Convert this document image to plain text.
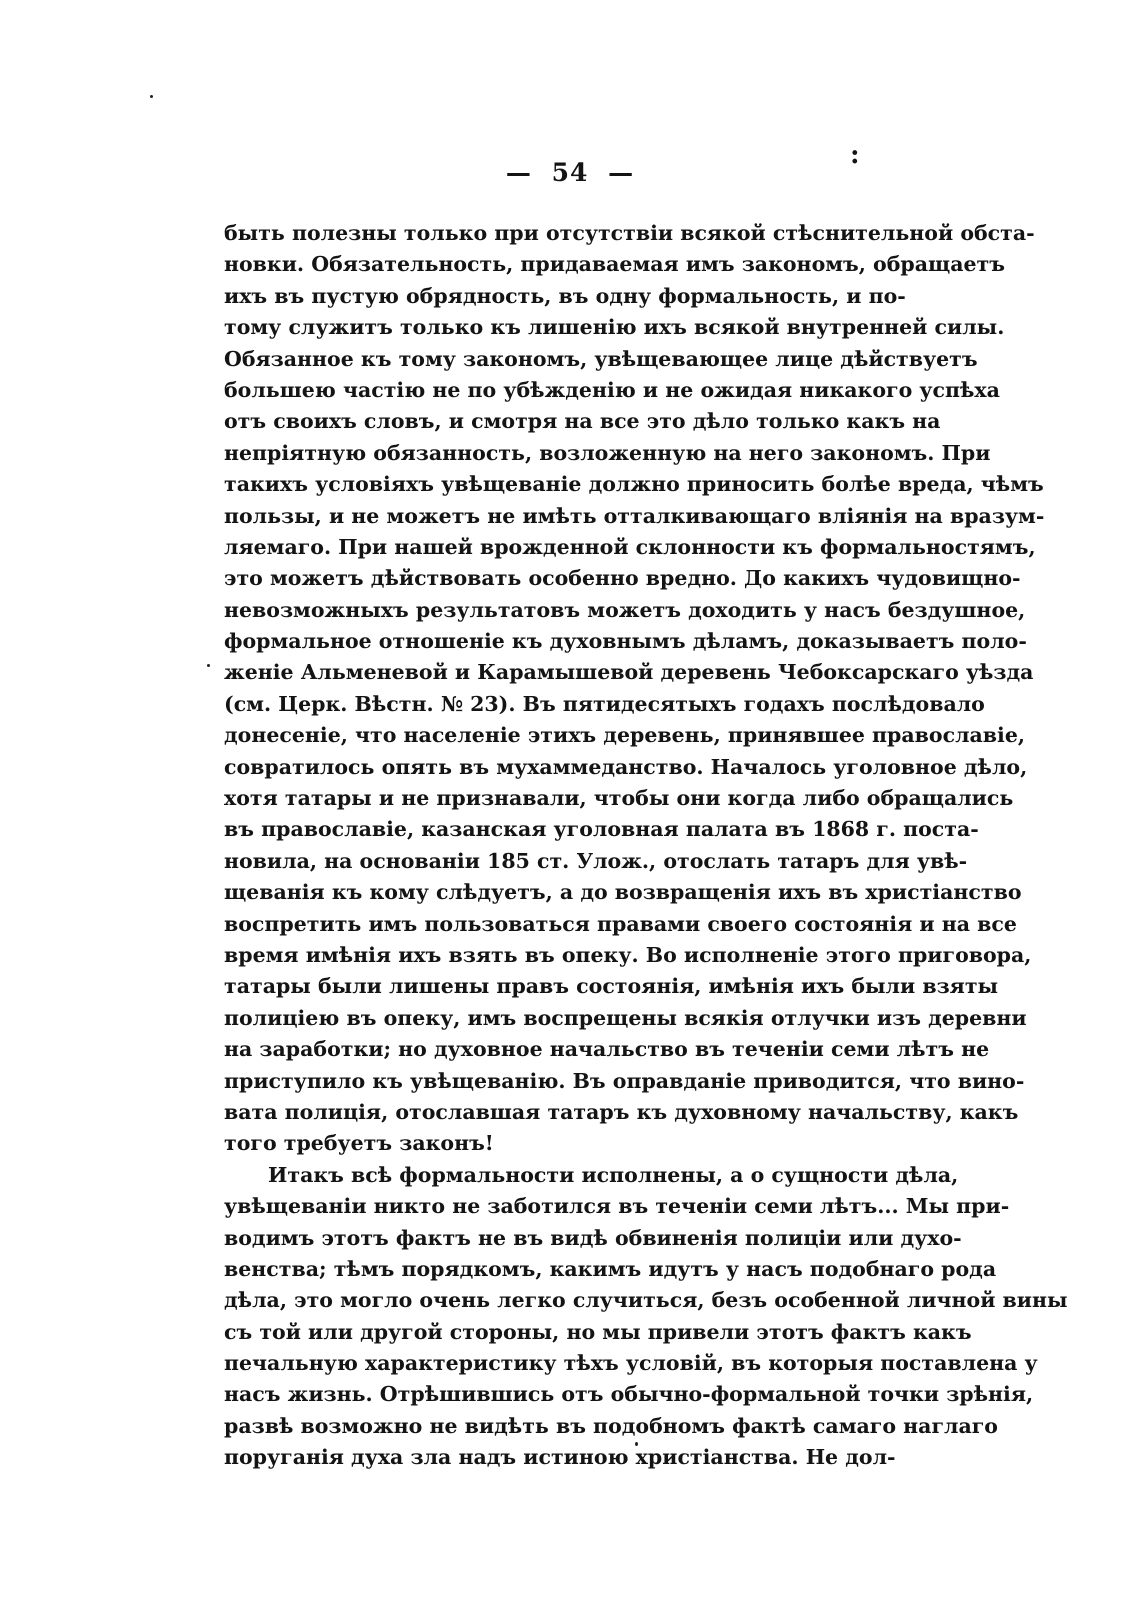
— 54 —
:
быть полезны только при отсутствіи всякой стѣснительной обста-
новки. Обязательность, придаваемая имъ закономъ, обращаетъ
ихъ въ пустую обрядность, въ одну формальность, и по-
тому служитъ только къ лишенію ихъ всякой внутренней силы.
Обязанное къ тому закономъ, увѣщевающее лице дѣйствуетъ
большею частію не по убѣжденію и не ожидая никакого успѣха
отъ своихъ словъ, и смотря на все это дѣло только какъ на
непріятную обязанность, возложенную на него закономъ. При
такихъ условіяхъ увѣщеваніе должно приносить болѣе вреда, чѣмъ
пользы, и не можетъ не имѣть отталкивающаго вліянія на вразум-
ляемаго. При нашей врожденной склонности къ формальностямъ,
это можетъ дѣйствовать особенно вредно. До какихъ чудовищно-
невозможныхъ результатовъ можетъ доходить у насъ бездушное,
формальное отношеніе къ духовнымъ дѣламъ, доказываетъ поло-
женіе Альменевой и Карамышевой деревень Чебоксарскаго уѣзда
(см. Церк. Вѣстн. № 23). Въ пятидесятыхъ годахъ послѣдовало
донесеніе, что населеніе этихъ деревень, принявшее православіе,
совратилось опять въ мухаммеданство. Началось уголовное дѣло,
хотя татары и не признавали, чтобы они когда либо обращались
въ православіе, казанская уголовная палата въ 1868 г. поста-
новила, на основаніи 185 ст. Улож., отослать татаръ для увѣ-
щеванія къ кому слѣдуетъ, а до возвращенія ихъ въ христіанство
воспретить имъ пользоваться правами своего состоянія и на все
время имѣнія ихъ взять въ опеку. Во исполненіе этого приговора,
татары были лишены правъ состоянія, имѣнія ихъ были взяты
полиціею въ опеку, имъ воспрещены всякія отлучки изъ деревни
на заработки; но духовное начальство въ теченіи семи лѣтъ не
приступило къ увѣщеванію. Въ оправданіе приводится, что вино-
вата полиція, отославшая татаръ къ духовному начальству, какъ
того требуетъ законъ!
Итакъ всѣ формальности исполнены, а о сущности дѣла,
увѣщеваніи никто не заботился въ теченіи семи лѣтъ... Мы при-
водимъ этотъ фактъ не въ видѣ обвиненія полиціи или духо-
венства; тѣмъ порядкомъ, какимъ идутъ у насъ подобнаго рода
дѣла, это могло очень легко случиться, безъ особенной личной вины
съ той или другой стороны, но мы привели этотъ фактъ какъ
печальную характеристику тѣхъ условій, въ которыя поставлена у
насъ жизнь. Отрѣшившись отъ обычно-формальной точки зрѣнія,
развѣ возможно не видѣть въ подобномъ фактѣ самаго наглаго
поруганія духа зла надъ истиною христіанства. Не дол-
